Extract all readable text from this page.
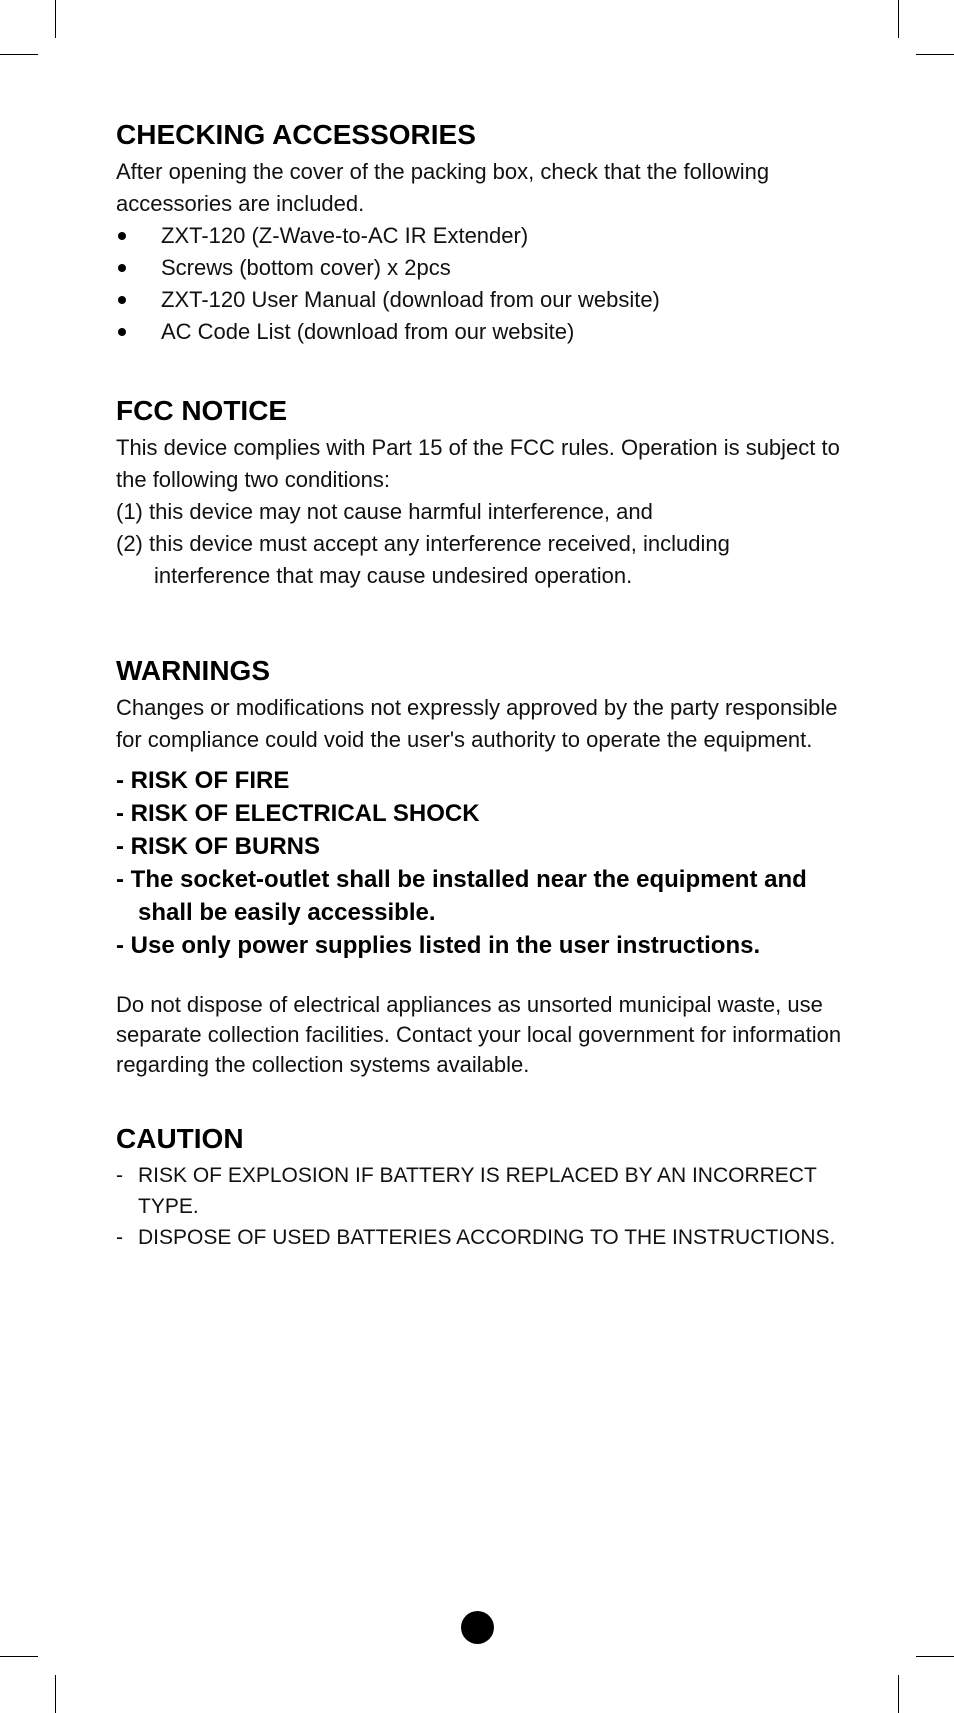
CHECKING ACCESSORIES

After opening the cover of the packing box, check that the following accessories are included.

ZXT-120 (Z-Wave-to-AC IR Extender)
Screws (bottom cover) x 2pcs
ZXT-120 User Manual (download from our website)
AC Code List (download from our website)
FCC NOTICE

This device complies with Part 15 of the FCC rules. Operation is subject to the following two conditions:

(1) this device may not cause harmful interference, and
(2) this device must accept any interference received, including interference that may cause undesired operation.
WARNINGS

Changes or modifications not expressly approved by the party responsible for compliance could void the user's authority to operate the equipment.

- RISK OF FIRE
- RISK OF ELECTRICAL SHOCK
- RISK OF BURNS
- The socket-outlet shall be installed near the equipment and shall be easily accessible.
- Use only power supplies listed in the user instructions.

Do not dispose of electrical appliances as unsorted municipal waste, use separate collection facilities. Contact your local government for information regarding the collection systems available.

CAUTION
- RISK OF EXPLOSION IF BATTERY IS REPLACED BY AN INCORRECT TYPE.
- DISPOSE OF USED BATTERIES ACCORDING TO THE INSTRUCTIONS.
